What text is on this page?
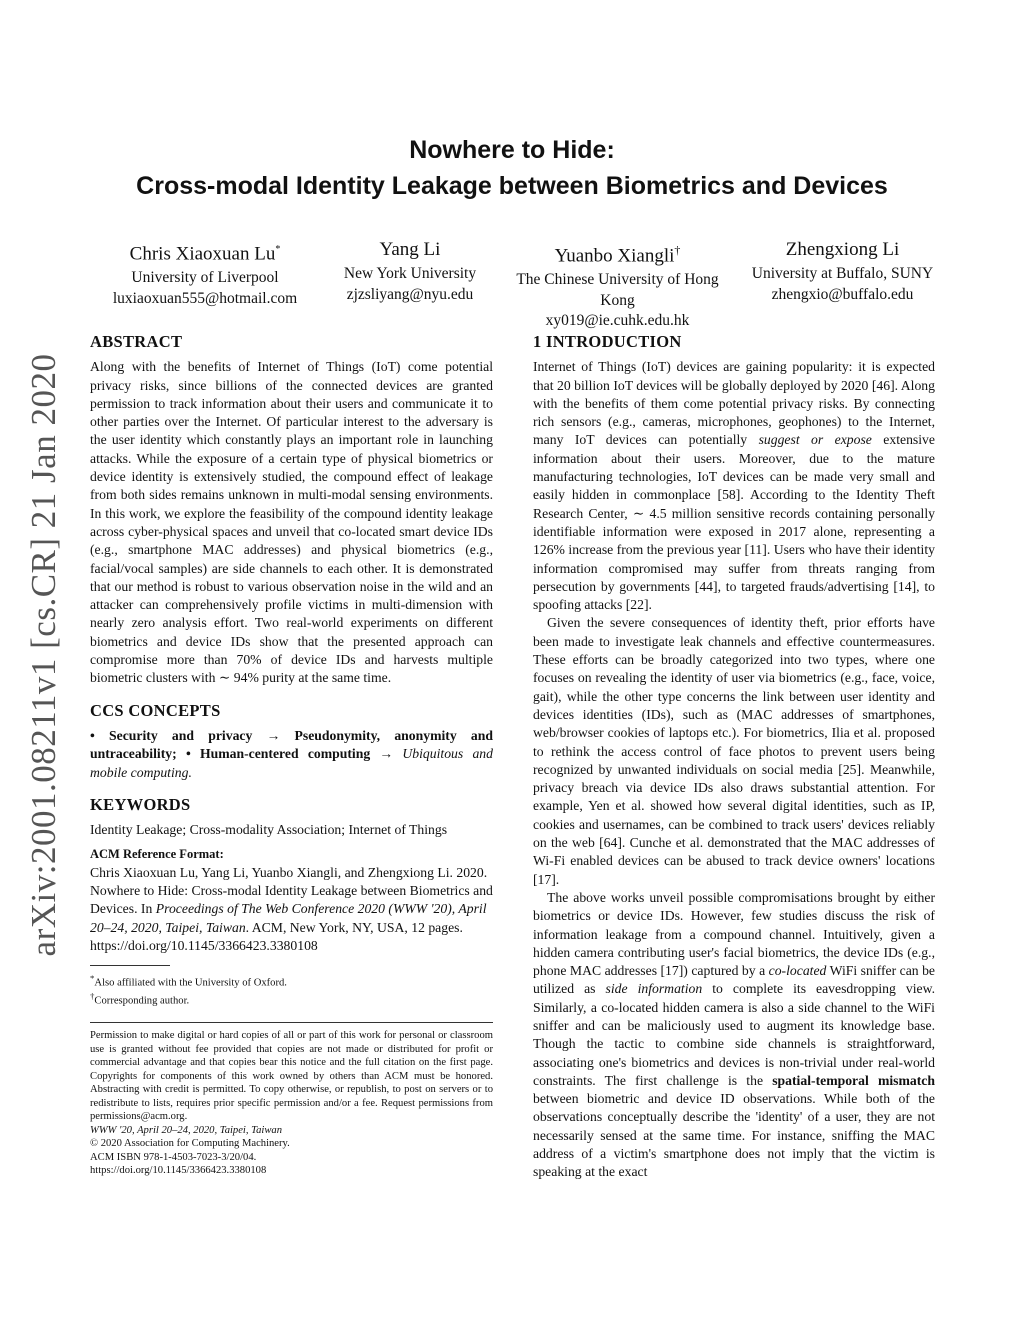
arXiv:2001.08211v1 [cs.CR] 21 Jan 2020
Nowhere to Hide:
Cross-modal Identity Leakage between Biometrics and Devices
Chris Xiaoxuan Lu*
University of Liverpool
luxiaoxuan555@hotmail.com
Yang Li
New York University
zjzsliyang@nyu.edu
Yuanbo Xiangli†
The Chinese University of Hong Kong
xy019@ie.cuhk.edu.hk
Zhengxiong Li
University at Buffalo, SUNY
zhengxio@buffalo.edu
ABSTRACT

Along with the benefits of Internet of Things (IoT) come potential privacy risks, since billions of the connected devices are granted permission to track information about their users and communicate it to other parties over the Internet. Of particular interest to the adversary is the user identity which constantly plays an important role in launching attacks. While the exposure of a certain type of physical biometrics or device identity is extensively studied, the compound effect of leakage from both sides remains unknown in multi-modal sensing environments. In this work, we explore the feasibility of the compound identity leakage across cyber-physical spaces and unveil that co-located smart device IDs (e.g., smartphone MAC addresses) and physical biometrics (e.g., facial/vocal samples) are side channels to each other. It is demonstrated that our method is robust to various observation noise in the wild and an attacker can comprehensively profile victims in multi-dimension with nearly zero analysis effort. Two real-world experiments on different biometrics and device IDs show that the presented approach can compromise more than 70% of device IDs and harvests multiple biometric clusters with ∼ 94% purity at the same time.

CCS CONCEPTS

• Security and privacy → Pseudonymity, anonymity and untraceability; • Human-centered computing → Ubiquitous and mobile computing.

KEYWORDS

Identity Leakage; Cross-modality Association; Internet of Things

ACM Reference Format:

Chris Xiaoxuan Lu, Yang Li, Yuanbo Xiangli, and Zhengxiong Li. 2020. Nowhere to Hide: Cross-modal Identity Leakage between Biometrics and Devices. In Proceedings of The Web Conference 2020 (WWW '20), April 20–24, 2020, Taipei, Taiwan. ACM, New York, NY, USA, 12 pages. https://doi.org/10.1145/3366423.3380108

*Also affiliated with the University of Oxford.
†Corresponding author.

Permission to make digital or hard copies of all or part of this work for personal or classroom use is granted without fee provided that copies are not made or distributed for profit or commercial advantage and that copies bear this notice and the full citation on the first page. Copyrights for components of this work owned by others than ACM must be honored. Abstracting with credit is permitted. To copy otherwise, or republish, to post on servers or to redistribute to lists, requires prior specific permission and/or a fee. Request permissions from permissions@acm.org.

WWW '20, April 20–24, 2020, Taipei, Taiwan

© 2020 Association for Computing Machinery.

ACM ISBN 978-1-4503-7023-3/20/04.

https://doi.org/10.1145/3366423.3380108

1 INTRODUCTION

Internet of Things (IoT) devices are gaining popularity: it is expected that 20 billion IoT devices will be globally deployed by 2020 [46]. Along with the benefits of them come potential privacy risks. By connecting rich sensors (e.g., cameras, microphones, geophones) to the Internet, many IoT devices can potentially suggest or expose extensive information about their users. Moreover, due to the mature manufacturing technologies, IoT devices can be made very small and easily hidden in commonplace [58]. According to the Identity Theft Research Center, ∼ 4.5 million sensitive records containing personally identifiable information were exposed in 2017 alone, representing a 126% increase from the previous year [11]. Users who have their identity information compromised may suffer from threats ranging from persecution by governments [44], to targeted frauds/advertising [14], to spoofing attacks [22].

Given the severe consequences of identity theft, prior efforts have been made to investigate leak channels and effective countermeasures. These efforts can be broadly categorized into two types, where one focuses on revealing the identity of user via biometrics (e.g., face, voice, gait), while the other type concerns the link between user identity and devices identities (IDs), such as (MAC addresses of smartphones, web/browser cookies of laptops etc.). For biometrics, Ilia et al. proposed to rethink the access control of face photos to prevent users being recognized by unwanted individuals on social media [25]. Meanwhile, privacy breach via device IDs also draws substantial attention. For example, Yen et al. showed how several digital identities, such as IP, cookies and usernames, can be combined to track users' devices reliably on the web [64]. Cunche et al. demonstrated that the MAC addresses of Wi-Fi enabled devices can be abused to track device owners' locations [17].

The above works unveil possible compromisations brought by either biometrics or device IDs. However, few studies discuss the risk of information leakage from a compound channel. Intuitively, given a hidden camera contributing user's facial biometrics, the device IDs (e.g., phone MAC addresses [17]) captured by a co-located WiFi sniffer can be utilized as side information to complete its eavesdropping view. Similarly, a co-located hidden camera is also a side channel to the WiFi sniffer and can be maliciously used to augment its knowledge base. Though the tactic to combine side channels is straightforward, associating one's biometrics and devices is non-trivial under real-world constraints. The first challenge is the spatial-temporal mismatch between biometric and device ID observations. While both of the observations conceptually describe the 'identity' of a user, they are not necessarily sensed at the same time. For instance, sniffing the MAC address of a victim's smartphone does not imply that the victim is speaking at the exact
